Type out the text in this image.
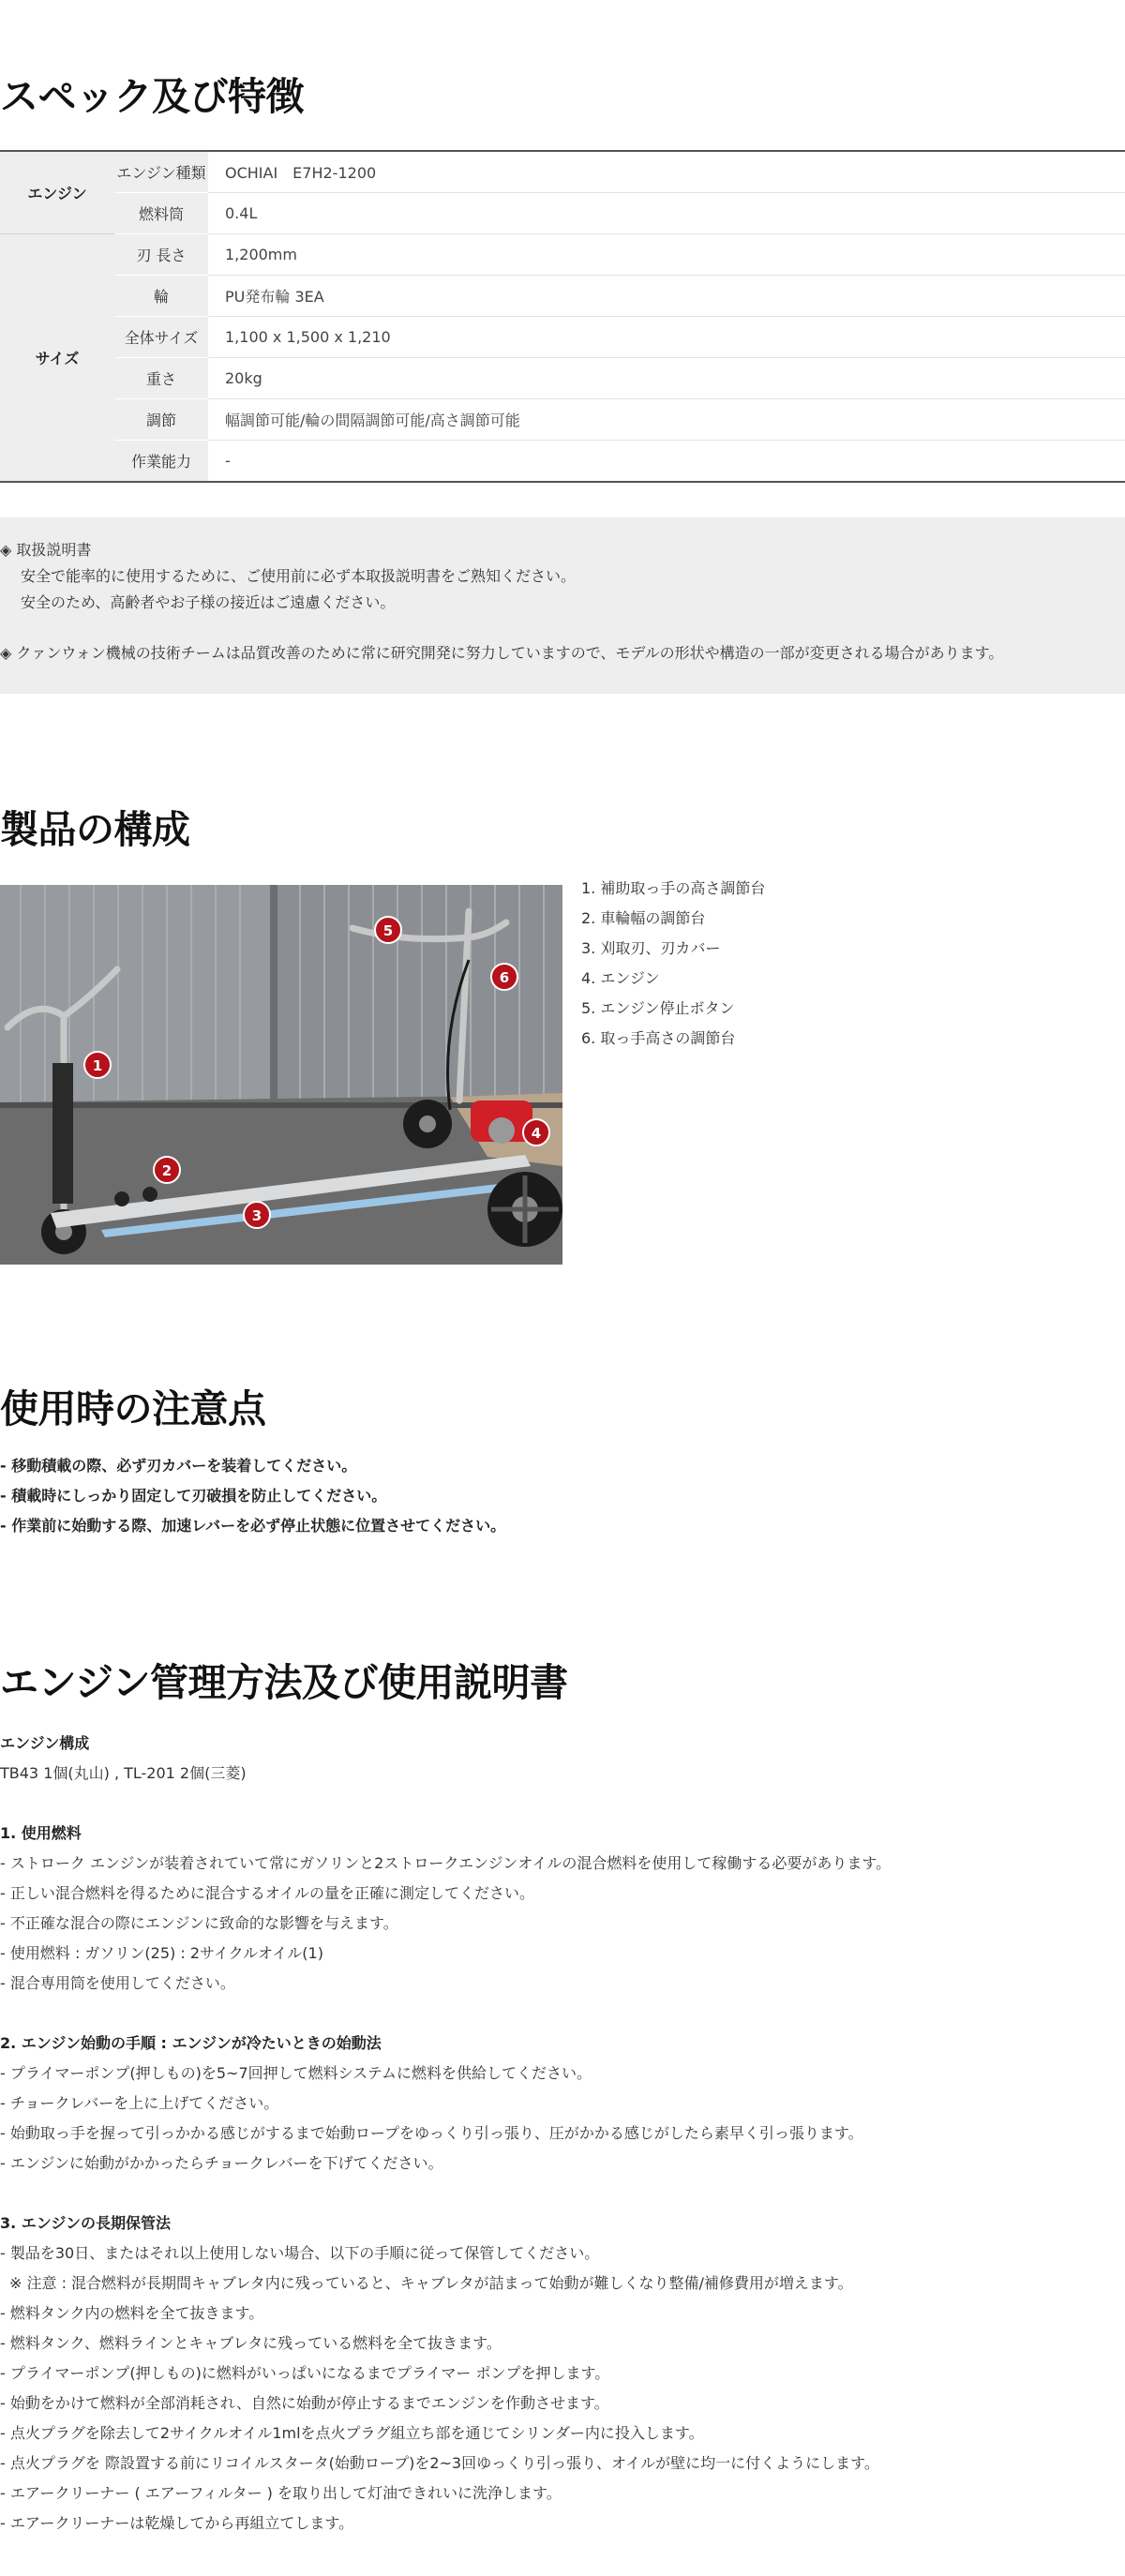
スペック及び特徴
エンジン	エンジン種類	OCHIAI　E7H2-1200
	燃料筒	0.4L
サイズ	刃 長さ	1,200mm
	輪	PU発布輪 3EA
	全体サイズ	1,100 x 1,500 x 1,210
	重さ	20kg
	調節	幅調節可能/輪の間隔調節可能/高さ調節可能
	作業能力	-
◈ 取扱説明書
安全で能率的に使用するために、ご使用前に必ず本取扱説明書をご熟知ください。
安全のため、高齢者やお子様の接近はご遠慮ください。
◈ クァンウォン機械の技術チームは品質改善のために常に研究開発に努力していますので、モデルの形状や構造の一部が変更される場合があります。
製品の構成
1
2
3
4
5
6
1. 補助取っ手の高さ調節台
2. 車輪幅の調節台
3. 刈取刃、刃カバー
4. エンジン
5. エンジン停止ボタン
6. 取っ手高さの調節台
使用時の注意点
- 移動積載の際、必ず刃カバーを装着してください。
- 積載時にしっかり固定して刃破損を防止してください。
- 作業前に始動する際、加速レバーを必ず停止状態に位置させてください。
エンジン管理方法及び使用説明書
エンジン構成
TB43 1個(丸山) , TL-201 2個(三菱)
1. 使用燃料
- ストローク エンジンが装着されていて常にガソリンと2ストロークエンジンオイルの混合燃料を使用して稼働する必要があります。
- 正しい混合燃料を得るために混合するオイルの量を正確に測定してください。
- 不正確な混合の際にエンジンに致命的な影響を与えます。
- 使用燃料 : ガソリン(25) : 2サイクルオイル(1)
- 混合専用筒を使用してください。
2. エンジン始動の手順 : エンジンが冷たいときの始動法
- プライマーポンプ(押しもの)を5~7回押して燃料システムに燃料を供給してください。
- チョークレバーを上に上げてください。
- 始動取っ手を握って引っかかる感じがするまで始動ロープをゆっくり引っ張り、圧がかかる感じがしたら素早く引っ張ります。
- エンジンに始動がかかったらチョークレバーを下げてください。
3. エンジンの長期保管法
- 製品を30日、またはそれ以上使用しない場合、以下の手順に従って保管してください。
※ 注意 : 混合燃料が長期間キャブレタ内に残っていると、キャブレタが詰まって始動が難しくなり整備/補修費用が増えます。
- 燃料タンク内の燃料を全て抜きます。
- 燃料タンク、燃料ラインとキャブレタに残っている燃料を全て抜きます。
- プライマーポンプ(押しもの)に燃料がいっぱいになるまでプライマー ポンプを押します。
- 始動をかけて燃料が全部消耗され、自然に始動が停止するまでエンジンを作動させます。
- 点火プラグを除去して2サイクルオイル1mlを点火プラグ組立ち部を通じてシリンダー内に投入します。
- 点火プラグを 際設置する前にリコイルスタータ(始動ロープ)を2~3回ゆっくり引っ張り、オイルが壁に均一に付くようにします。
- エアークリーナー ( エアーフィルター ) を取り出して灯油できれいに洗浄します。
- エアークリーナーは乾燥してから再組立てします。
